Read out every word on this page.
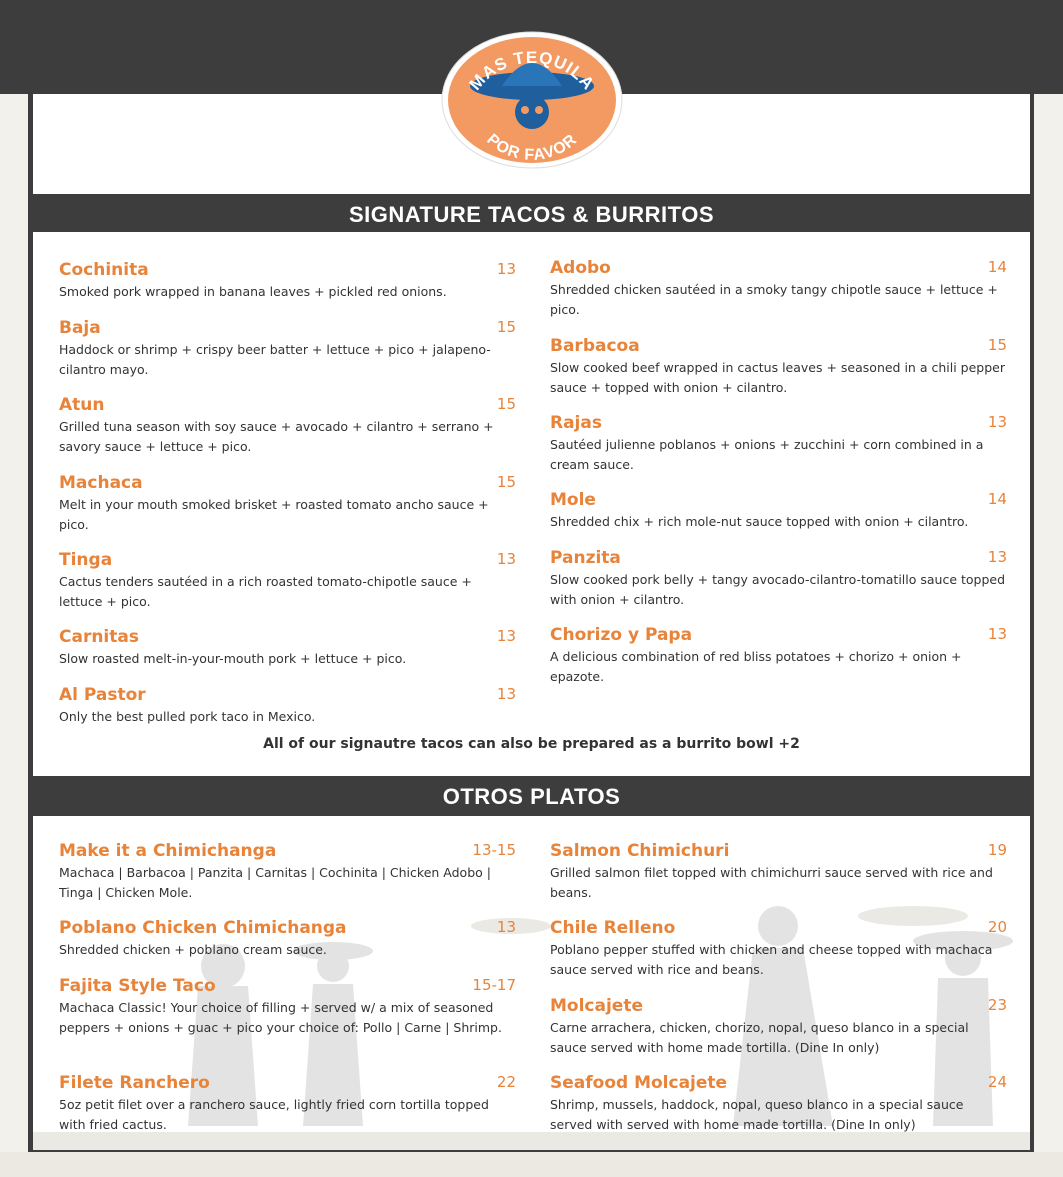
MAS TEQUILA
POR FAVOR
SIGNATURE TACOS & BURRITOS
Cochinita	13
Smoked pork wrapped in banana leaves + pickled red onions.
Baja	15
Haddock or shrimp + crispy beer batter + lettuce + pico + jalapeno-cilantro mayo.
Atun	15
Grilled tuna season with soy sauce + avocado + cilantro + serrano + savory sauce + lettuce + pico.
Machaca	15
Melt in your mouth smoked brisket + roasted tomato ancho sauce + pico.
Tinga	13
Cactus tenders sautéed in a rich roasted tomato-chipotle sauce + lettuce + pico.
Carnitas	13
Slow roasted melt-in-your-mouth pork + lettuce + pico.
Al Pastor	13
Only the best pulled pork taco in Mexico.
Adobo	14
Shredded chicken sautéed in a smoky tangy chipotle sauce + lettuce + pico.
Barbacoa	15
Slow cooked beef wrapped in cactus leaves + seasoned in a chili pepper sauce + topped with onion + cilantro.
Rajas	13
Sautéed julienne poblanos + onions + zucchini + corn combined in a cream sauce.
Mole	14
Shredded chix + rich mole-nut sauce topped with onion + cilantro.
Panzita	13
Slow cooked pork belly + tangy avocado-cilantro-tomatillo sauce topped with onion + cilantro.
Chorizo y Papa	13
A delicious combination of red bliss potatoes + chorizo + onion + epazote.
All of our signautre tacos can also be prepared as a burrito bowl +2
OTROS PLATOS
Make it a Chimichanga	13-15
Machaca | Barbacoa | Panzita | Carnitas | Cochinita | Chicken Adobo | Tinga | Chicken Mole.
Poblano Chicken Chimichanga	13
Shredded chicken + poblano cream sauce.
Fajita Style Taco	15-17
Machaca Classic! Your choice of filling + served w/ a mix of seasoned peppers + onions + guac + pico your choice of: Pollo | Carne | Shrimp.
Filete Ranchero	22
5oz petit filet over a ranchero sauce, lightly fried corn tortilla topped with fried cactus.
Salmon Chimichuri	19
Grilled salmon filet topped with chimichurri sauce served with rice and beans.
Chile Relleno	20
Poblano pepper stuffed with chicken and cheese topped with machaca sauce served with rice and beans.
Molcajete	23
Carne arrachera, chicken, chorizo, nopal, queso blanco in a special sauce served with home made tortilla. (Dine In only)
Seafood Molcajete	24
Shrimp, mussels, haddock, nopal, queso blanco in a special sauce served with served with home made tortilla. (Dine In only)
